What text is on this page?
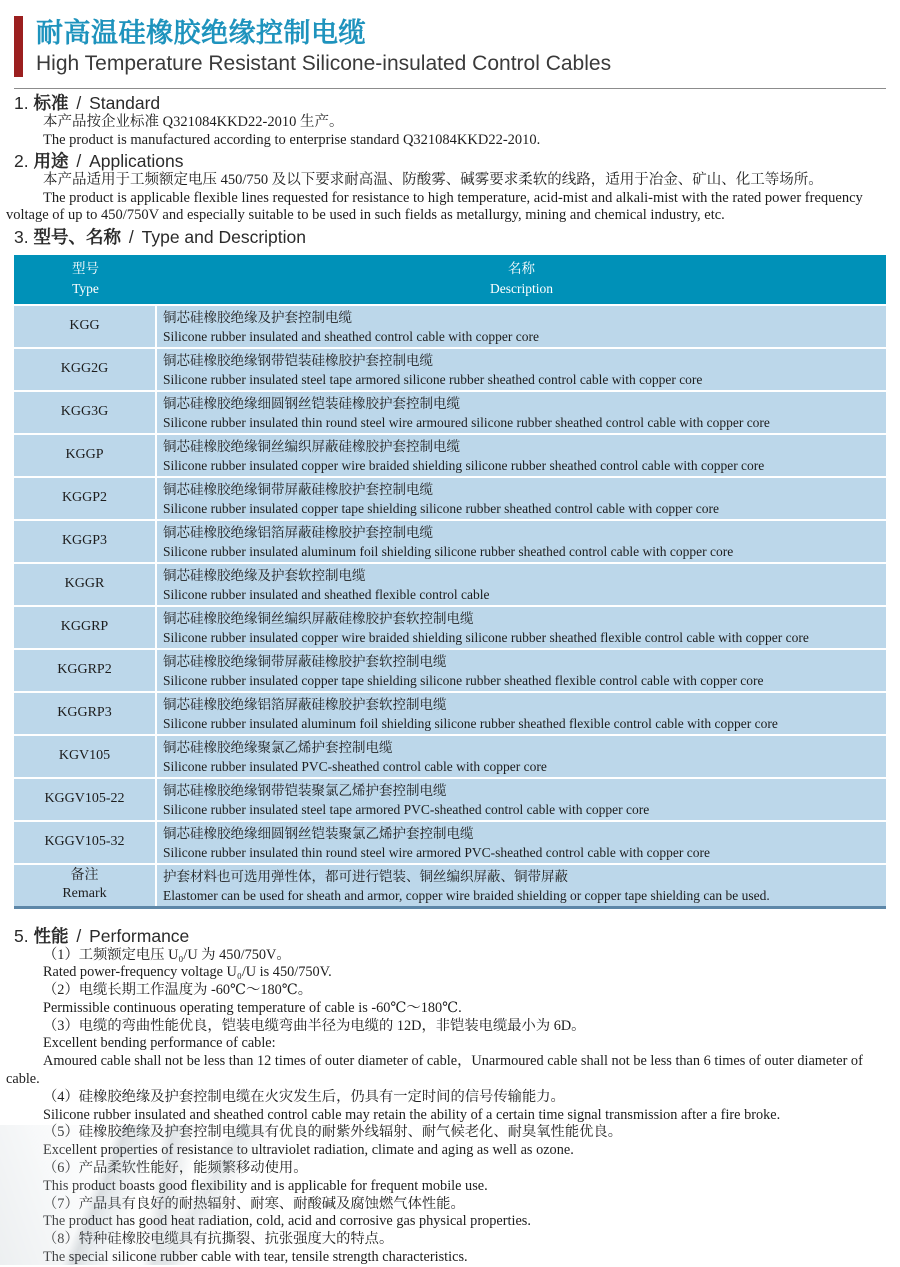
耐高温硅橡胶绝缘控制电缆
High Temperature Resistant Silicone-insulated Control Cables
1. 标准 / Standard

本产品按企业标准 Q321084KKD22-2010 生产。

The product is manufactured according to enterprise standard Q321084KKD22-2010.

2. 用途 / Applications

本产品适用于工频额定电压 450/750 及以下要求耐高温、防酸雾、碱雾要求柔软的线路，适用于冶金、矿山、化工等场所。

The product is applicable flexible lines requested for resistance to high temperature, acid-mist and alkali-mist with the rated power frequency voltage of up to 450/750V and especially suitable to be used in such fields as metallurgy, mining and chemical industry, etc.

3. 型号、名称 / Type and Description
型号
Type
名称
Description
KGG
铜芯硅橡胶绝缘及护套控制电缆
Silicone rubber insulated and sheathed control cable with copper core
KGG2G
铜芯硅橡胶绝缘钢带铠装硅橡胶护套控制电缆
Silicone rubber insulated steel tape armored silicone rubber sheathed control cable with copper core
KGG3G
铜芯硅橡胶绝缘细圆钢丝铠装硅橡胶护套控制电缆
Silicone rubber insulated thin round steel wire armoured silicone rubber sheathed control cable with copper core
KGGP
铜芯硅橡胶绝缘铜丝编织屏蔽硅橡胶护套控制电缆
Silicone rubber insulated copper wire braided shielding silicone rubber sheathed control cable with copper core
KGGP2
铜芯硅橡胶绝缘铜带屏蔽硅橡胶护套控制电缆
Silicone rubber insulated copper tape shielding silicone rubber sheathed control cable with copper core
KGGP3
铜芯硅橡胶绝缘铝箔屏蔽硅橡胶护套控制电缆
Silicone rubber insulated aluminum foil shielding silicone rubber sheathed control cable with copper core
KGGR
铜芯硅橡胶绝缘及护套软控制电缆
Silicone rubber insulated and sheathed flexible control cable
KGGRP
铜芯硅橡胶绝缘铜丝编织屏蔽硅橡胶护套软控制电缆
Silicone rubber insulated copper wire braided shielding silicone rubber sheathed flexible control cable with copper core
KGGRP2
铜芯硅橡胶绝缘铜带屏蔽硅橡胶护套软控制电缆
Silicone rubber insulated copper tape shielding silicone rubber sheathed flexible control cable with copper core
KGGRP3
铜芯硅橡胶绝缘铝箔屏蔽硅橡胶护套软控制电缆
Silicone rubber insulated aluminum foil shielding silicone rubber sheathed flexible control cable with copper core
KGV105
铜芯硅橡胶绝缘聚氯乙烯护套控制电缆
Silicone rubber insulated PVC-sheathed control cable with copper core
KGGV105-22
铜芯硅橡胶绝缘钢带铠装聚氯乙烯护套控制电缆
Silicone rubber insulated steel tape armored PVC-sheathed control cable with copper core
KGGV105-32
铜芯硅橡胶绝缘细圆钢丝铠装聚氯乙烯护套控制电缆
Silicone rubber insulated thin round steel wire armored PVC-sheathed control cable with copper core
备注
Remark
护套材料也可选用弹性体，都可进行铠装、铜丝编织屏蔽、铜带屏蔽
Elastomer can be used for sheath and armor, copper wire braided shielding or copper tape shielding can be used.
5. 性能 / Performance

（1）工频额定电压 U₀/U 为 450/750V。

Rated power-frequency voltage U₀/U is 450/750V.

（2）电缆长期工作温度为 -60℃～180℃。

Permissible continuous operating temperature of cable is -60℃～180℃.

（3）电缆的弯曲性能优良，铠装电缆弯曲半径为电缆的 12D，非铠装电缆最小为 6D。

Excellent bending performance of cable:

Amoured cable shall not be less than 12 times of outer diameter of cable，Unarmoured cable shall not be less than 6 times of outer diameter of cable.

（4）硅橡胶绝缘及护套控制电缆在火灾发生后，仍具有一定时间的信号传输能力。

Silicone rubber insulated and sheathed control cable may retain the ability of a certain time signal transmission after a fire broke.

（5）硅橡胶绝缘及护套控制电缆具有优良的耐紫外线辐射、耐气候老化、耐臭氧性能优良。

Excellent properties of resistance to ultraviolet radiation, climate and aging as well as ozone.

（6）产品柔软性能好，能频繁移动使用。

This product boasts good flexibility and is applicable for frequent mobile use.

（7）产品具有良好的耐热辐射、耐寒、耐酸碱及腐蚀燃气体性能。

The product has good heat radiation, cold, acid and corrosive gas physical properties.

（8）特种硅橡胶电缆具有抗撕裂、抗张强度大的特点。

The special silicone rubber cable with tear, tensile strength characteristics.
